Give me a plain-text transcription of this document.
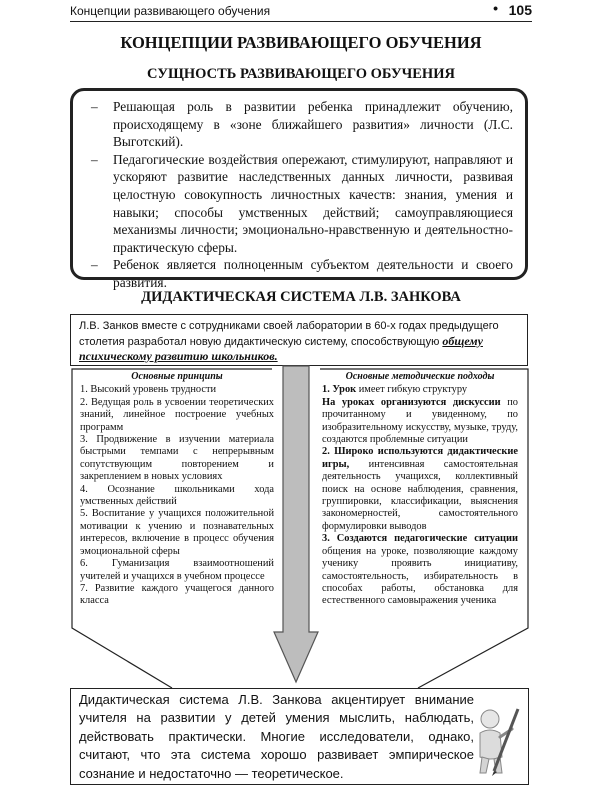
Концепции развивающего обучения	• 105
КОНЦЕПЦИИ РАЗВИВАЮЩЕГО ОБУЧЕНИЯ
СУЩНОСТЬ РАЗВИВАЮЩЕГО ОБУЧЕНИЯ
– Решающая роль в развитии ребенка принадлежит обучению, происходящему в «зоне ближайшего развития» личности (Л.С. Выготский).
– Педагогические воздействия опережают, стимулируют, направляют и ускоряют развитие наследственных данных личности, развивая целостную совокупность личностных качеств: знания, умения и навыки; способы умственных действий; самоуправляющиеся механизмы личности; эмоционально-нравственную и деятельностно-практическую сферы.
– Ребенок является полноценным субъектом деятельности и своего развития.
ДИДАКТИЧЕСКАЯ СИСТЕМА Л.В. ЗАНКОВА
Л.В. Занков вместе с сотрудниками своей лаборатории в 60-х годах предыдущего столетия разработал новую дидактическую систему, способствующую общему психическому развитию школьников.
Основные принципы

1. Высокий уровень трудности

2. Ведущая роль в усвоении теоретических знаний, линейное построение учебных программ

3. Продвижение в изучении материала быстрыми темпами с непрерывным сопутствующим повторением и закреплением в новых условиях

4. Осознание школьниками хода умственных действий

5. Воспитание у учащихся положительной мотивации к учению и познавательных интересов, включение в процесс обучения эмоциональной сферы

6. Гуманизация взаимоотношений учителей и учащихся в учебном процессе

7. Развитие каждого учащегося данного класса

Основные методические подходы

1. Урок имеет гибкую структуру

На уроках организуются дискуссии по прочитанному и увиденному, по изобразительному искусству, музыке, труду, создаются проблемные ситуации

2. Широко используются дидактические игры, интенсивная самостоятельная деятельность учащихся, коллективный поиск на основе наблюдения, сравнения, группировки, классификации, выяснения закономерностей, самостоятельного формулировки выводов

3. Создаются педагогические ситуации общения на уроке, позволяющие каждому ученику проявить инициативу, самостоятельность, избирательность в способах работы, обстановка для естественного самовыражения ученика

Дидактическая система Л.В. Занкова акцентирует внимание учителя на развитии у детей умения мыслить, наблюдать, действовать практически. Многие исследователи, однако, считают, что эта система хорошо развивает эмпирическое сознание и недостаточно — теоретическое.
